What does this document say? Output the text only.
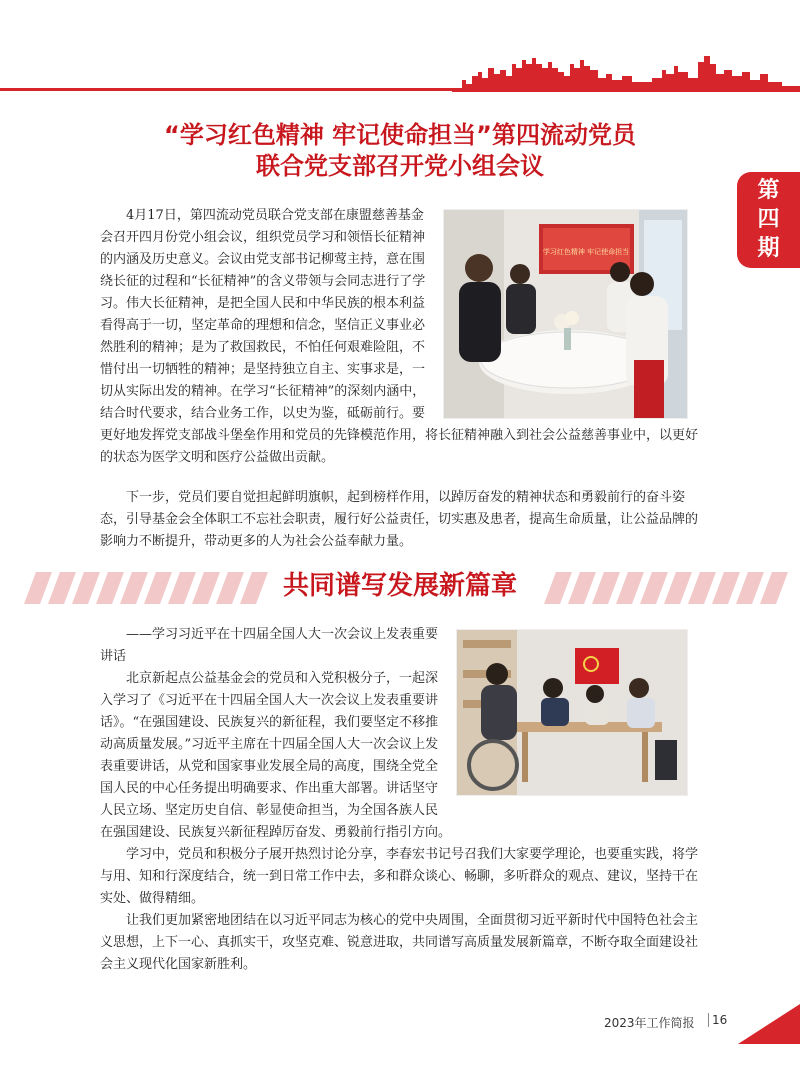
第
四
期
“学习红色精神 牢记使命担当”第四流动党员
联合党支部召开党小组会议

4月17日，第四流动党员联合党支部在康盟慈善基金会召开四月份党小组会议，组织党员学习和领悟长征精神的内涵及历史意义。会议由党支部书记柳莺主持，意在围绕长征的过程和“长征精神”的含义带领与会同志进行了学习。伟大长征精神，是把全国人民和中华民族的根本利益看得高于一切，坚定革命的理想和信念，坚信正义事业必然胜利的精神；是为了救国救民，不怕任何艰难险阻，不惜付出一切牺牲的精神；是坚持独立自主、实事求是，一切从实际出发的精神。在学习“长征精神”的深刻内涵中，结合时代要求，结合业务工作，以史为鉴，砥砺前行。要更好地发挥党支部战斗堡垒作用和党员的先锋模范作用，将长征精神融入到社会公益慈善事业中，以更好的状态为医学文明和医疗公益做出贡献。

下一步，党员们要自觉担起鲜明旗帜，起到榜样作用，以踔厉奋发的精神状态和勇毅前行的奋斗姿态，引导基金会全体职工不忘社会职责，履行好公益责任，切实惠及患者，提高生命质量，让公益品牌的影响力不断提升，带动更多的人为社会公益奉献力量。

学习红色精神 牢记使命担当
共同谱写发展新篇章

——学习习近平在十四届全国人大一次会议上发表重要讲话

北京新起点公益基金会的党员和入党积极分子，一起深入学习了《习近平在十四届全国人大一次会议上发表重要讲话》。“在强国建设、民族复兴的新征程，我们要坚定不移推动高质量发展。”习近平主席在十四届全国人大一次会议上发表重要讲话，从党和国家事业发展全局的高度，围绕全党全国人民的中心任务提出明确要求、作出重大部署。讲话坚守人民立场、坚定历史自信、彰显使命担当，为全国各族人民在强国建设、民族复兴新征程踔厉奋发、勇毅前行指引方向。

学习中，党员和积极分子展开热烈讨论分享，李春宏书记号召我们大家要学理论，也要重实践，将学与用、知和行深度结合，统一到日常工作中去，多和群众谈心、畅聊，多听群众的观点、建议，坚持干在实处、做得精细。

让我们更加紧密地团结在以习近平同志为核心的党中央周围，全面贯彻习近平新时代中国特色社会主义思想，上下一心、真抓实干，攻坚克难、锐意进取，共同谱写高质量发展新篇章，不断夺取全面建设社会主义现代化国家新胜利。

2023年工作简报	16
